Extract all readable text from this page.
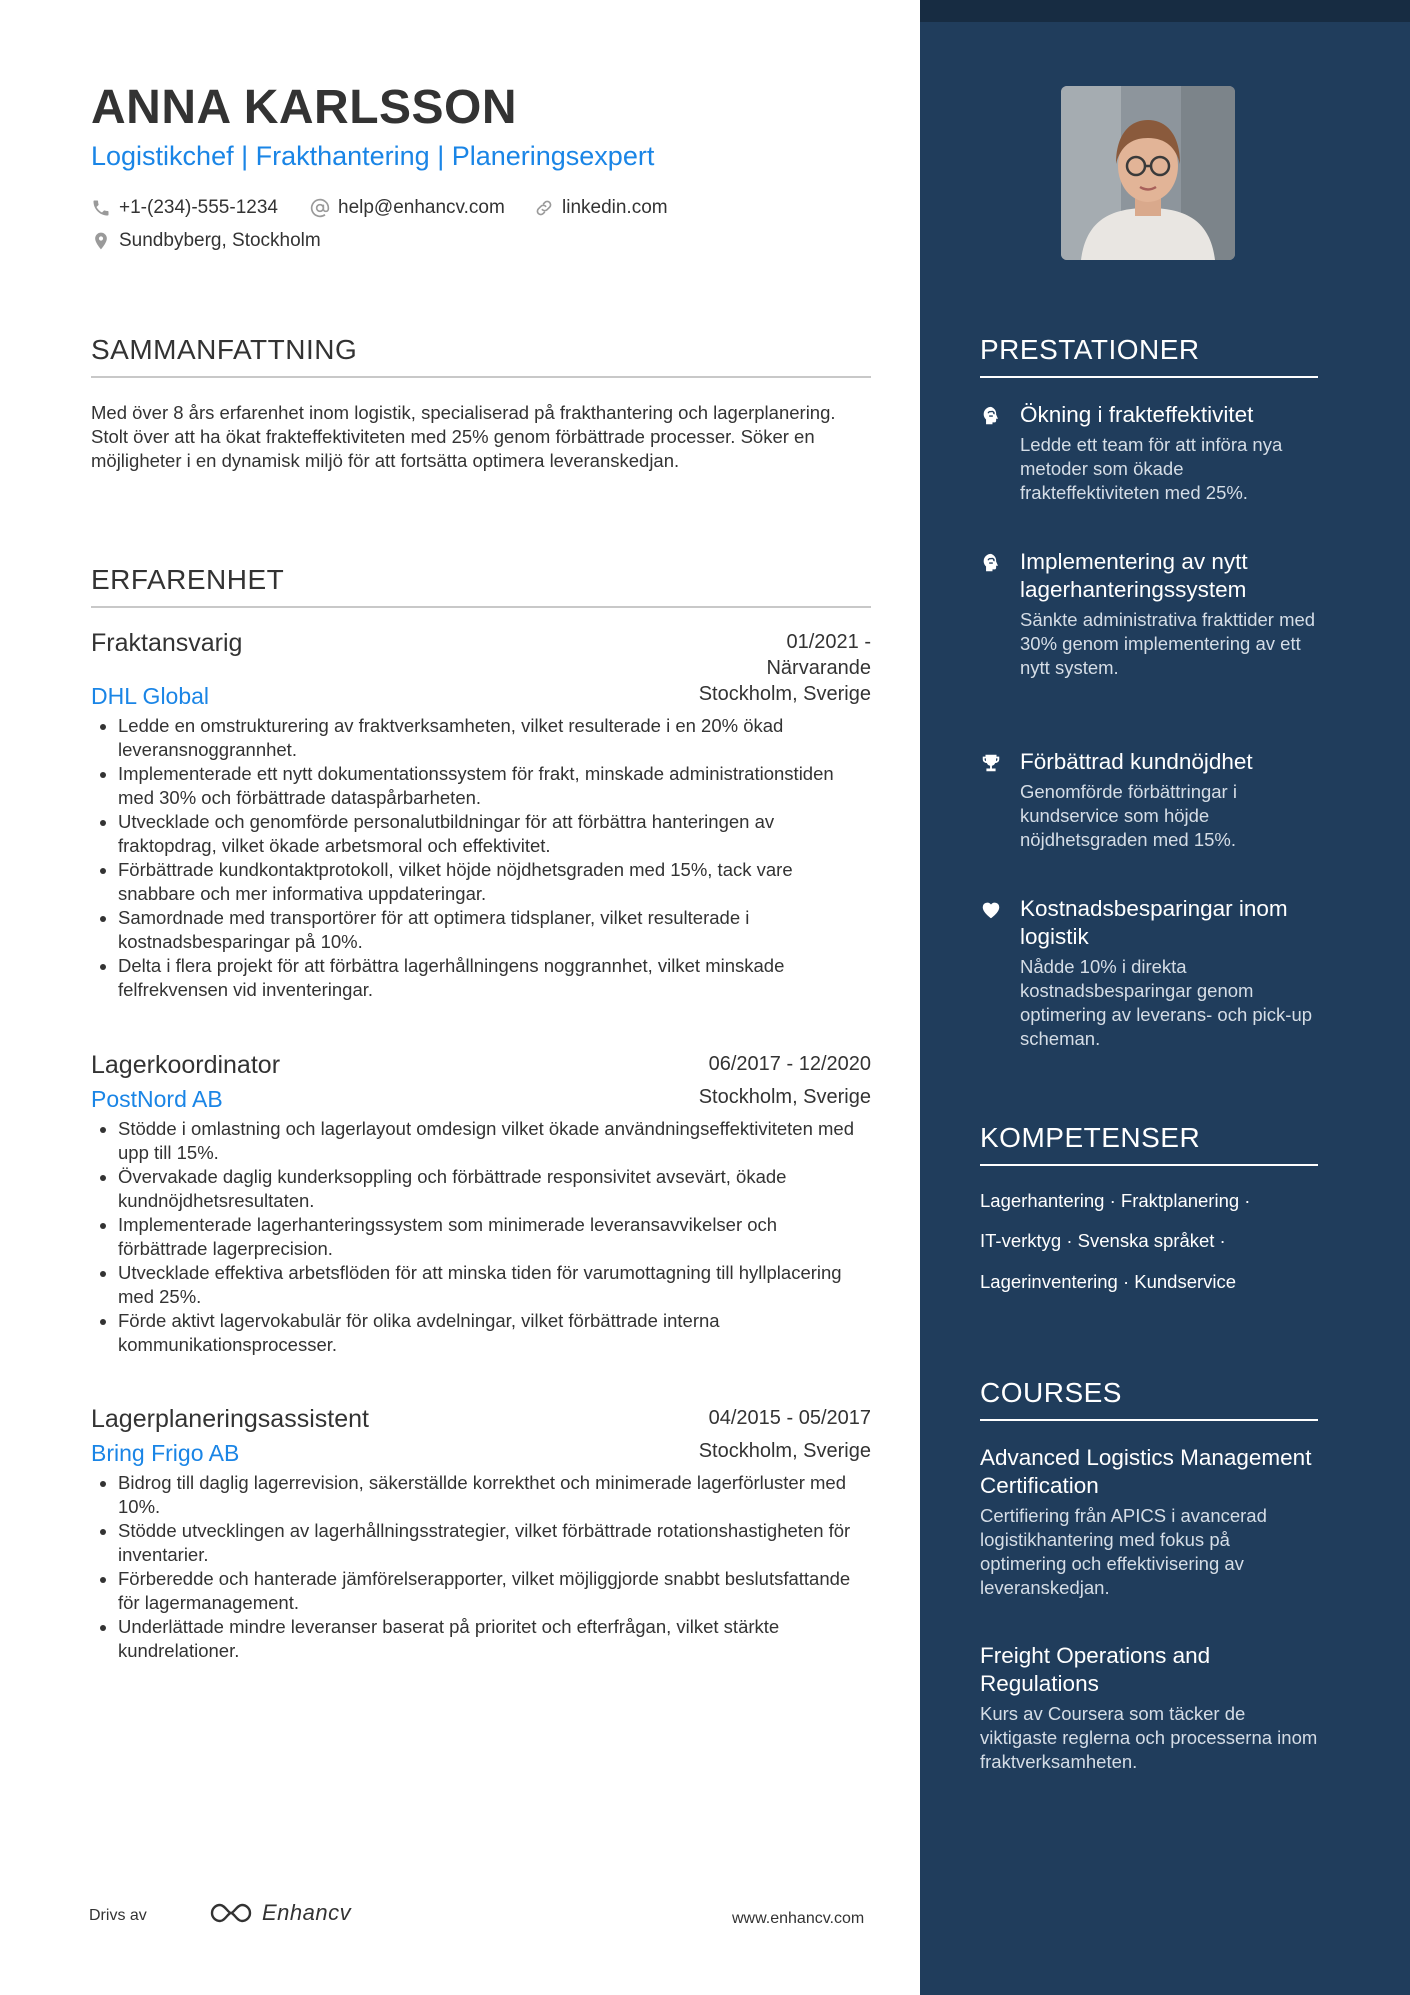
ANNA KARLSSON
Logistikchef | Frakthantering | Planeringsexpert
+1-(234)-555-1234	help@enhancv.com	linkedin.com
Sundbyberg, Stockholm
SAMMANFATTNING
Med över 8 års erfarenhet inom logistik, specialiserad på frakthantering och lagerplanering. Stolt över att ha ökat frakteffektiviteten med 25% genom förbättrade processer. Söker en möjligheter i en dynamisk miljö för att fortsätta optimera leveranskedjan.
ERFARENHET
Fraktansvarig	01/2021 - Närvarande
DHL Global	Stockholm, Sverige
• Ledde en omstrukturering av fraktverksamheten, vilket resulterade i en 20% ökad leveransnoggrannhet.
• Implementerade ett nytt dokumentationssystem för frakt, minskade administrationstiden med 30% och förbättrade dataspårbarheten.
• Utvecklade och genomförde personalutbildningar för att förbättra hanteringen av fraktopdrag, vilket ökade arbetsmoral och effektivitet.
• Förbättrade kundkontaktprotokoll, vilket höjde nöjdhetsgraden med 15%, tack vare snabbare och mer informativa uppdateringar.
• Samordnade med transportörer för att optimera tidsplaner, vilket resulterade i kostnadsbesparingar på 10%.
• Delta i flera projekt för att förbättra lagerhållningens noggrannhet, vilket minskade felfrekvensen vid inventeringar.
Lagerkoordinator	06/2017 - 12/2020
PostNord AB	Stockholm, Sverige
• Stödde i omlastning och lagerlayout omdesign vilket ökade användningseffektiviteten med upp till 15%.
• Övervakade daglig kunderksoppling och förbättrade responsivitet avsevärt, ökade kundnöjdhetsresultaten.
• Implementerade lagerhanteringssystem som minimerade leveransavvikelser och förbättrade lagerprecision.
• Utvecklade effektiva arbetsflöden för att minska tiden för varumottagning till hyllplacering med 25%.
• Förde aktivt lagervokabulär för olika avdelningar, vilket förbättrade interna kommunikationsprocesser.
Lagerplaneringsassistent	04/2015 - 05/2017
Bring Frigo AB	Stockholm, Sverige
• Bidrog till daglig lagerrevision, säkerställde korrekthet och minimerade lagerförluster med 10%.
• Stödde utvecklingen av lagerhållningsstrategier, vilket förbättrade rotationshastigheten för inventarier.
• Förberedde och hanterade jämförelserapporter, vilket möjliggjorde snabbt beslutsfattande för lagermanagement.
• Underlättade mindre leveranser baserat på prioritet och efterfrågan, vilket stärkte kundrelationer.
Drivs av	Enhancv	www.enhancv.com
PRESTATIONER
Ökning i frakteffektivitet
Ledde ett team för att införa nya metoder som ökade frakteffektiviteten med 25%.
Implementering av nytt lagerhanteringssystem
Sänkte administrativa frakttider med 30% genom implementering av ett nytt system.
Förbättrad kundnöjdhet
Genomförde förbättringar i kundservice som höjde nöjdhetsgraden med 15%.
Kostnadsbesparingar inom logistik
Nådde 10% i direkta kostnadsbesparingar genom optimering av leverans- och pick-up scheman.
KOMPETENSER
Lagerhantering · Fraktplanering ·
IT-verktyg · Svenska språket ·
Lagerinventering · Kundservice
COURSES
Advanced Logistics Management Certification
Certifiering från APICS i avancerad logistikhantering med fokus på optimering och effektivisering av leveranskedjan.
Freight Operations and Regulations
Kurs av Coursera som täcker de viktigaste reglerna och processerna inom fraktverksamheten.
